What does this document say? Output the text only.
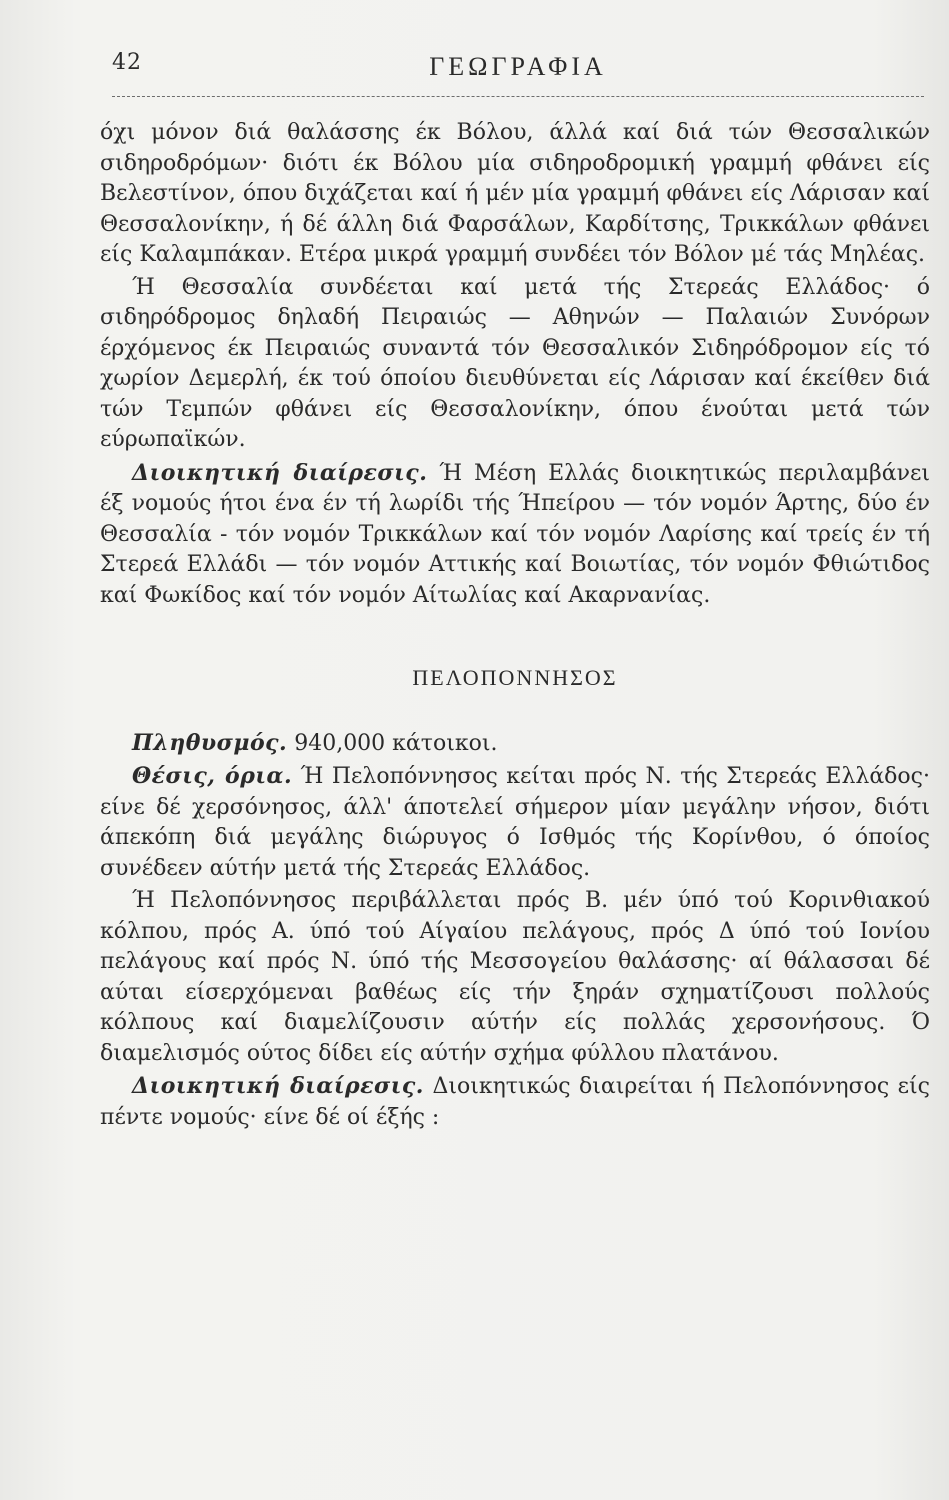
42	ΓΕΩΓΡΑΦΙΑ

όχι μόνον διά θαλάσσης έκ Βόλου, άλλά καί διά τών Θεσσαλικών σιδηροδρόμων· διότι έκ Βόλου μία σιδηροδρομική γραμμή φθάνει είς Βελεστίνον, όπου διχάζεται καί ή μέν μία γραμμή φθάνει είς Λάρισαν καί Θεσσαλονίκην, ή δέ άλλη διά Φαρσάλων, Καρδίτσης, Τρικκάλων φθάνει είς Καλαμπάκαν. Ετέρα μικρά γραμμή συνδέει τόν Βόλον μέ τάς Μηλέας.

Ή Θεσσαλία συνδέεται καί μετά τής Στερεάς Ελλάδος· ό σιδηρόδρομος δηλαδή Πειραιώς — Αθηνών — Παλαιών Συνόρων έρχόμενος έκ Πειραιώς συναντά τόν Θεσσαλικόν Σιδηρόδρομον είς τό χωρίον Δεμερλή, έκ τού όποίου διευθύνεται είς Λάρισαν καί έκείθεν διά τών Τεμπών φθάνει είς Θεσσαλονίκην, όπου ένούται μετά τών εύρωπαϊκών.

Διοικητική διαίρεσις. Ή Μέση Ελλάς διοικητικώς περιλαμβάνει έξ νομούς ήτοι ένα έν τή λωρίδι τής Ήπείρου — τόν νομόν Άρτης, δύο έν Θεσσαλία - τόν νομόν Τρικκάλων καί τόν νομόν Λαρίσης καί τρείς έν τή Στερεά Ελλάδι — τόν νομόν Αττικής καί Βοιωτίας, τόν νομόν Φθιώτιδος καί Φωκίδος καί τόν νομόν Αίτωλίας καί Ακαρνανίας.

ΠΕΛΟΠΟΝΝΗΣΟΣ

Πληθυσμός. 940,000 κάτοικοι.

Θέσις, όρια. Ή Πελοπόννησος κείται πρός Ν. τής Στερεάς Ελλάδος· είνε δέ χερσόνησος, άλλ' άποτελεί σήμερον μίαν μεγάλην νήσον, διότι άπεκόπη διά μεγάλης διώρυγος ό Ισθμός τής Κορίνθου, ό όποίος συνέδεεν αύτήν μετά τής Στερεάς Ελλάδος.

Ή Πελοπόννησος περιβάλλεται πρός Β. μέν ύπό τού Κορινθιακού κόλπου, πρός Α. ύπό τού Αίγαίου πελάγους, πρός Δ ύπό τού Ιονίου πελάγους καί πρός Ν. ύπό τής Μεσσογείου θαλάσσης· αί θάλασσαι δέ αύται είσερχόμεναι βαθέως είς τήν ξηράν σχηματίζουσι πολλούς κόλπους καί διαμελίζουσιν αύτήν είς πολλάς χερσονήσους. Ό διαμελισμός ούτος δίδει είς αύτήν σχήμα φύλλου πλατάνου.

Διοικητική διαίρεσις. Διοικητικώς διαιρείται ή Πελοπόννησος είς πέντε νομούς· είνε δέ οί έξής :
